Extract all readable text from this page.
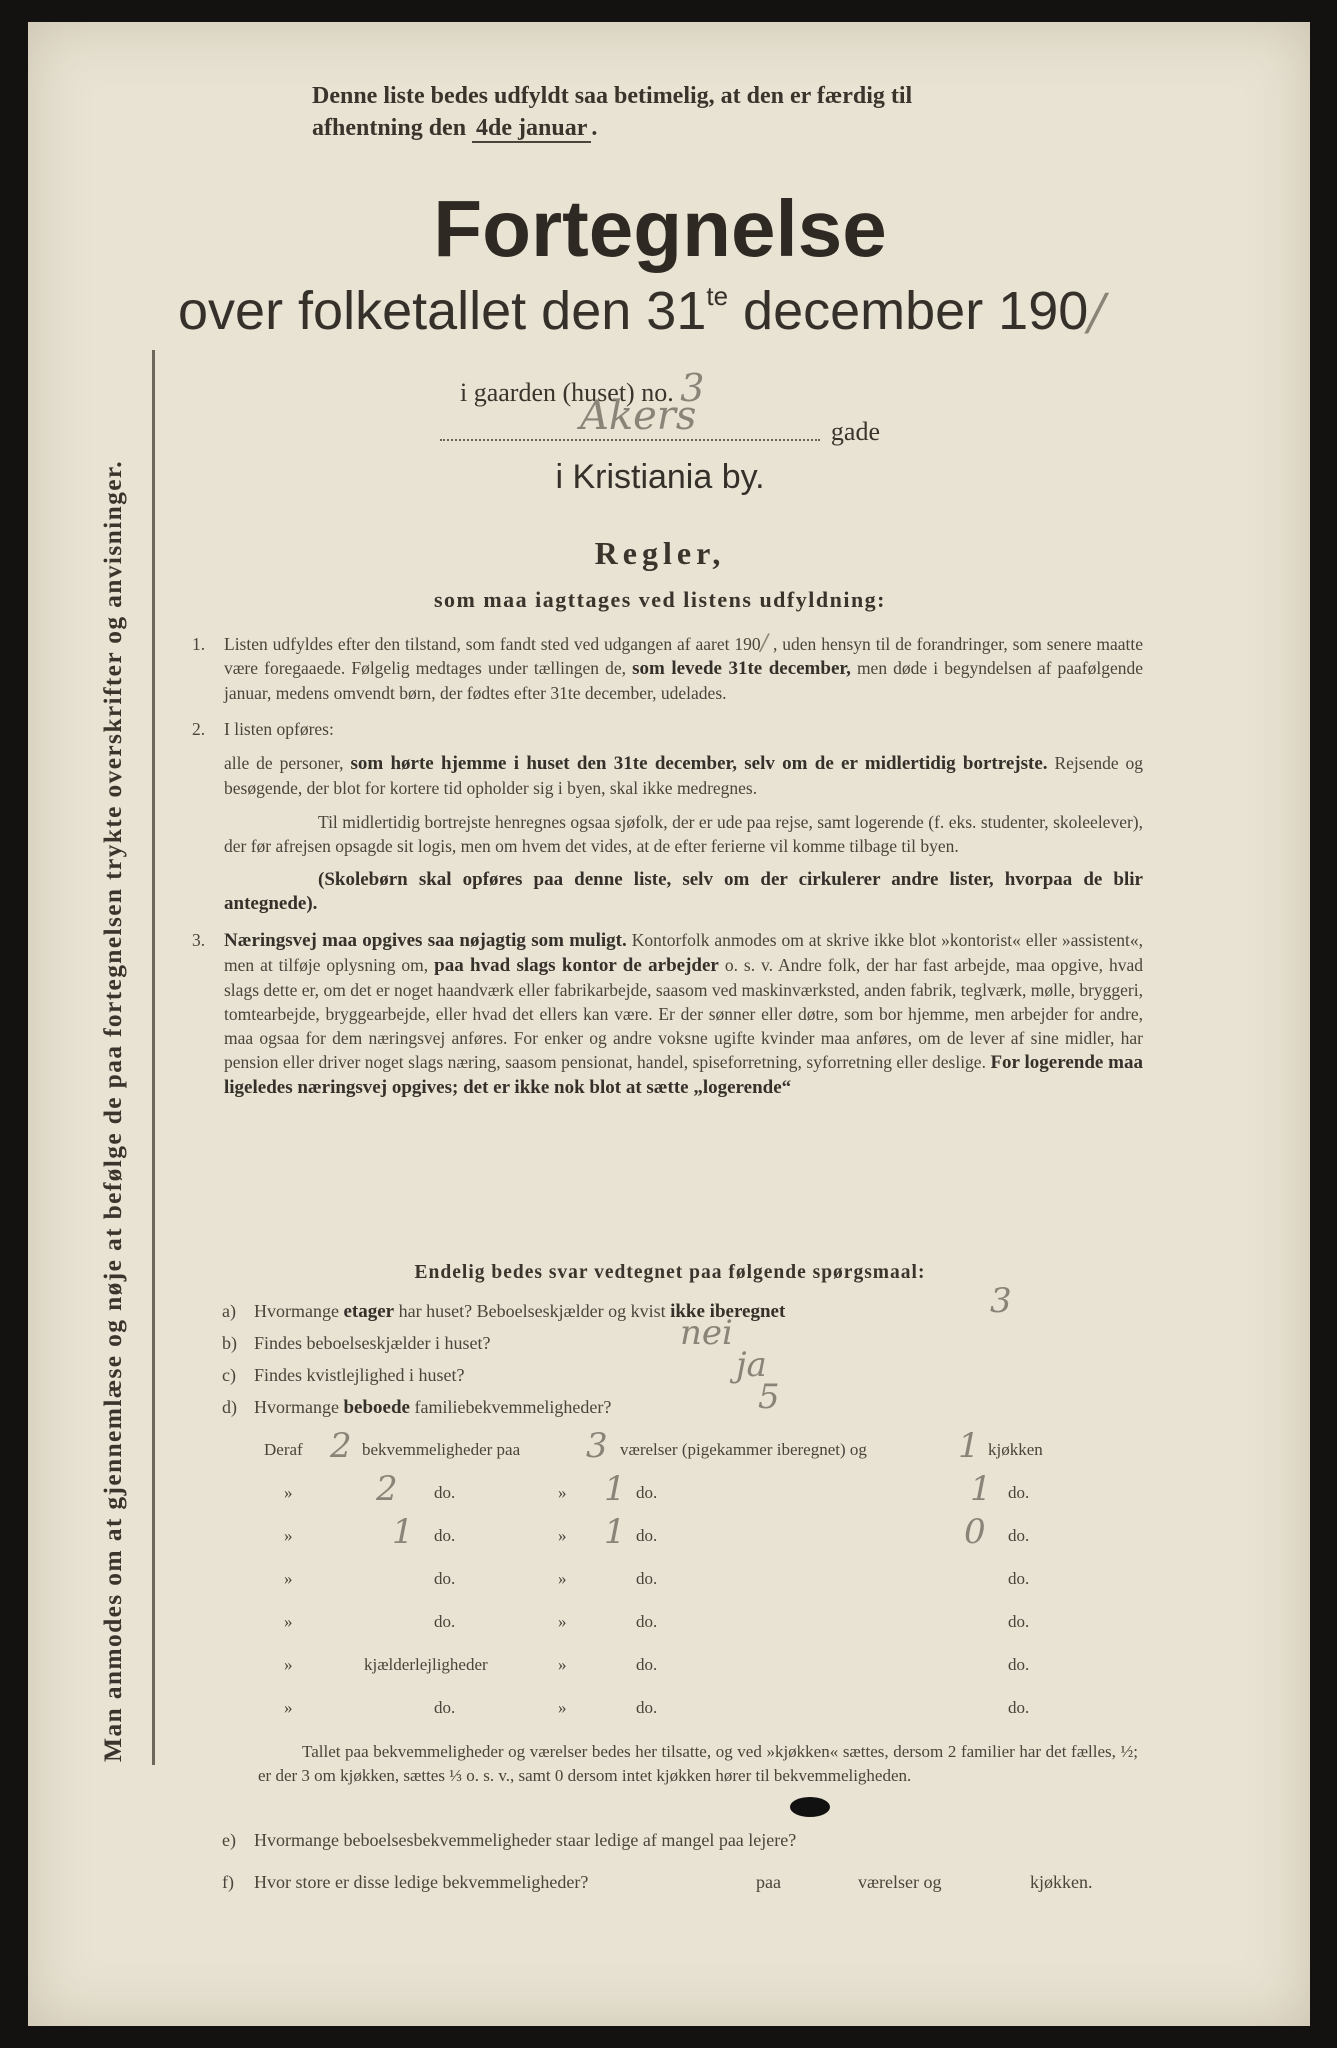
Man anmodes om at gjennemlæse og nøje at befølge de paa fortegnelsen trykte overskrifter og anvisninger.
Denne liste bedes udfyldt saa betimelig, at den er færdig til
afhentning den 4de januar .
Fortegnelse
over folketallet den $31^{te}$ december 190/
i gaarden (huset) no. 3
Akers	gade
i Kristiania by.
Regler,
som maa iagttages ved listens udfyldning:
1. Listen udfyldes efter den tilstand, som fandt sted ved udgangen af aaret 190/ , uden hensyn til de forandringer, som senere maatte være foregaaede. Følgelig medtages under tællingen de, som levede 31te december, men døde i begyndelsen af paafølgende januar, medens omvendt børn, der fødtes efter 31te december, udelades.

2. I listen opføres:

alle de personer, som hørte hjemme i huset den 31te december, selv om de er midlertidig bortrejste. Rejsende og besøgende, der blot for kortere tid opholder sig i byen, skal ikke medregnes.

Til midlertidig bortrejste henregnes ogsaa sjøfolk, der er ude paa rejse, samt logerende (f. eks. studenter, skoleelever), der før afrejsen opsagde sit logis, men om hvem det vides, at de efter ferierne vil komme tilbage til byen.

(Skolebørn skal opføres paa denne liste, selv om der cirkulerer andre lister, hvorpaa de blir antegnede).

3. Næringsvej maa opgives saa nøjagtig som muligt. Kontorfolk anmodes om at skrive ikke blot »kontorist« eller »assistent«, men at tilføje oplysning om, paa hvad slags kontor de arbejder o. s. v. Andre folk, der har fast arbejde, maa opgive, hvad slags dette er, om det er noget haandværk eller fabrikarbejde, saasom ved maskinværksted, anden fabrik, teglværk, mølle, bryggeri, tomtearbejde, bryggearbejde, eller hvad det ellers kan være. Er der sønner eller døtre, som bor hjemme, men arbejder for andre, maa ogsaa for dem næringsvej anføres. For enker og andre voksne ugifte kvinder maa anføres, om de lever af sine midler, har pension eller driver noget slags næring, saasom pensionat, handel, spiseforretning, syforretning eller deslige. For logerende maa ligeledes næringsvej opgives; det er ikke nok blot at sætte „logerende“

Endelig bedes svar vedtegnet paa følgende spørgsmaal:
a) Hvormange etager har huset? Beboelseskjælder og kvist ikke iberegnet	3
b) Findes beboelseskjælder i huset?	nei
c) Findes kvistlejlighed i huset?	ja
d) Hvormange beboede familiebekvemmeligheder?	5
Deraf 2 bekvemmeligheder paa 3 værelser (pigekammer iberegnet) og	1 kjøkken
» 2 do.	» 1 do.	1 do.
»	1 do.	» 1 do.	0 do.
»	do.	»	do.	do.
»	do.	»	do.	do.
»	kjælderlejligheder	»	do.	do.
»	do.	»	do.	do.
Tallet paa bekvemmeligheder og værelser bedes her tilsatte, og ved »kjøkken« sættes, dersom 2 familier har det fælles, ½; er der 3 om kjøkken, sættes ⅓ o. s. v., samt 0 dersom intet kjøkken hører til bekvemmeligheden.
e) Hvormange beboelsesbekvemmeligheder staar ledige af mangel paa lejere?
f) Hvor store er disse ledige bekvemmeligheder?	paa	værelser og	kjøkken.
